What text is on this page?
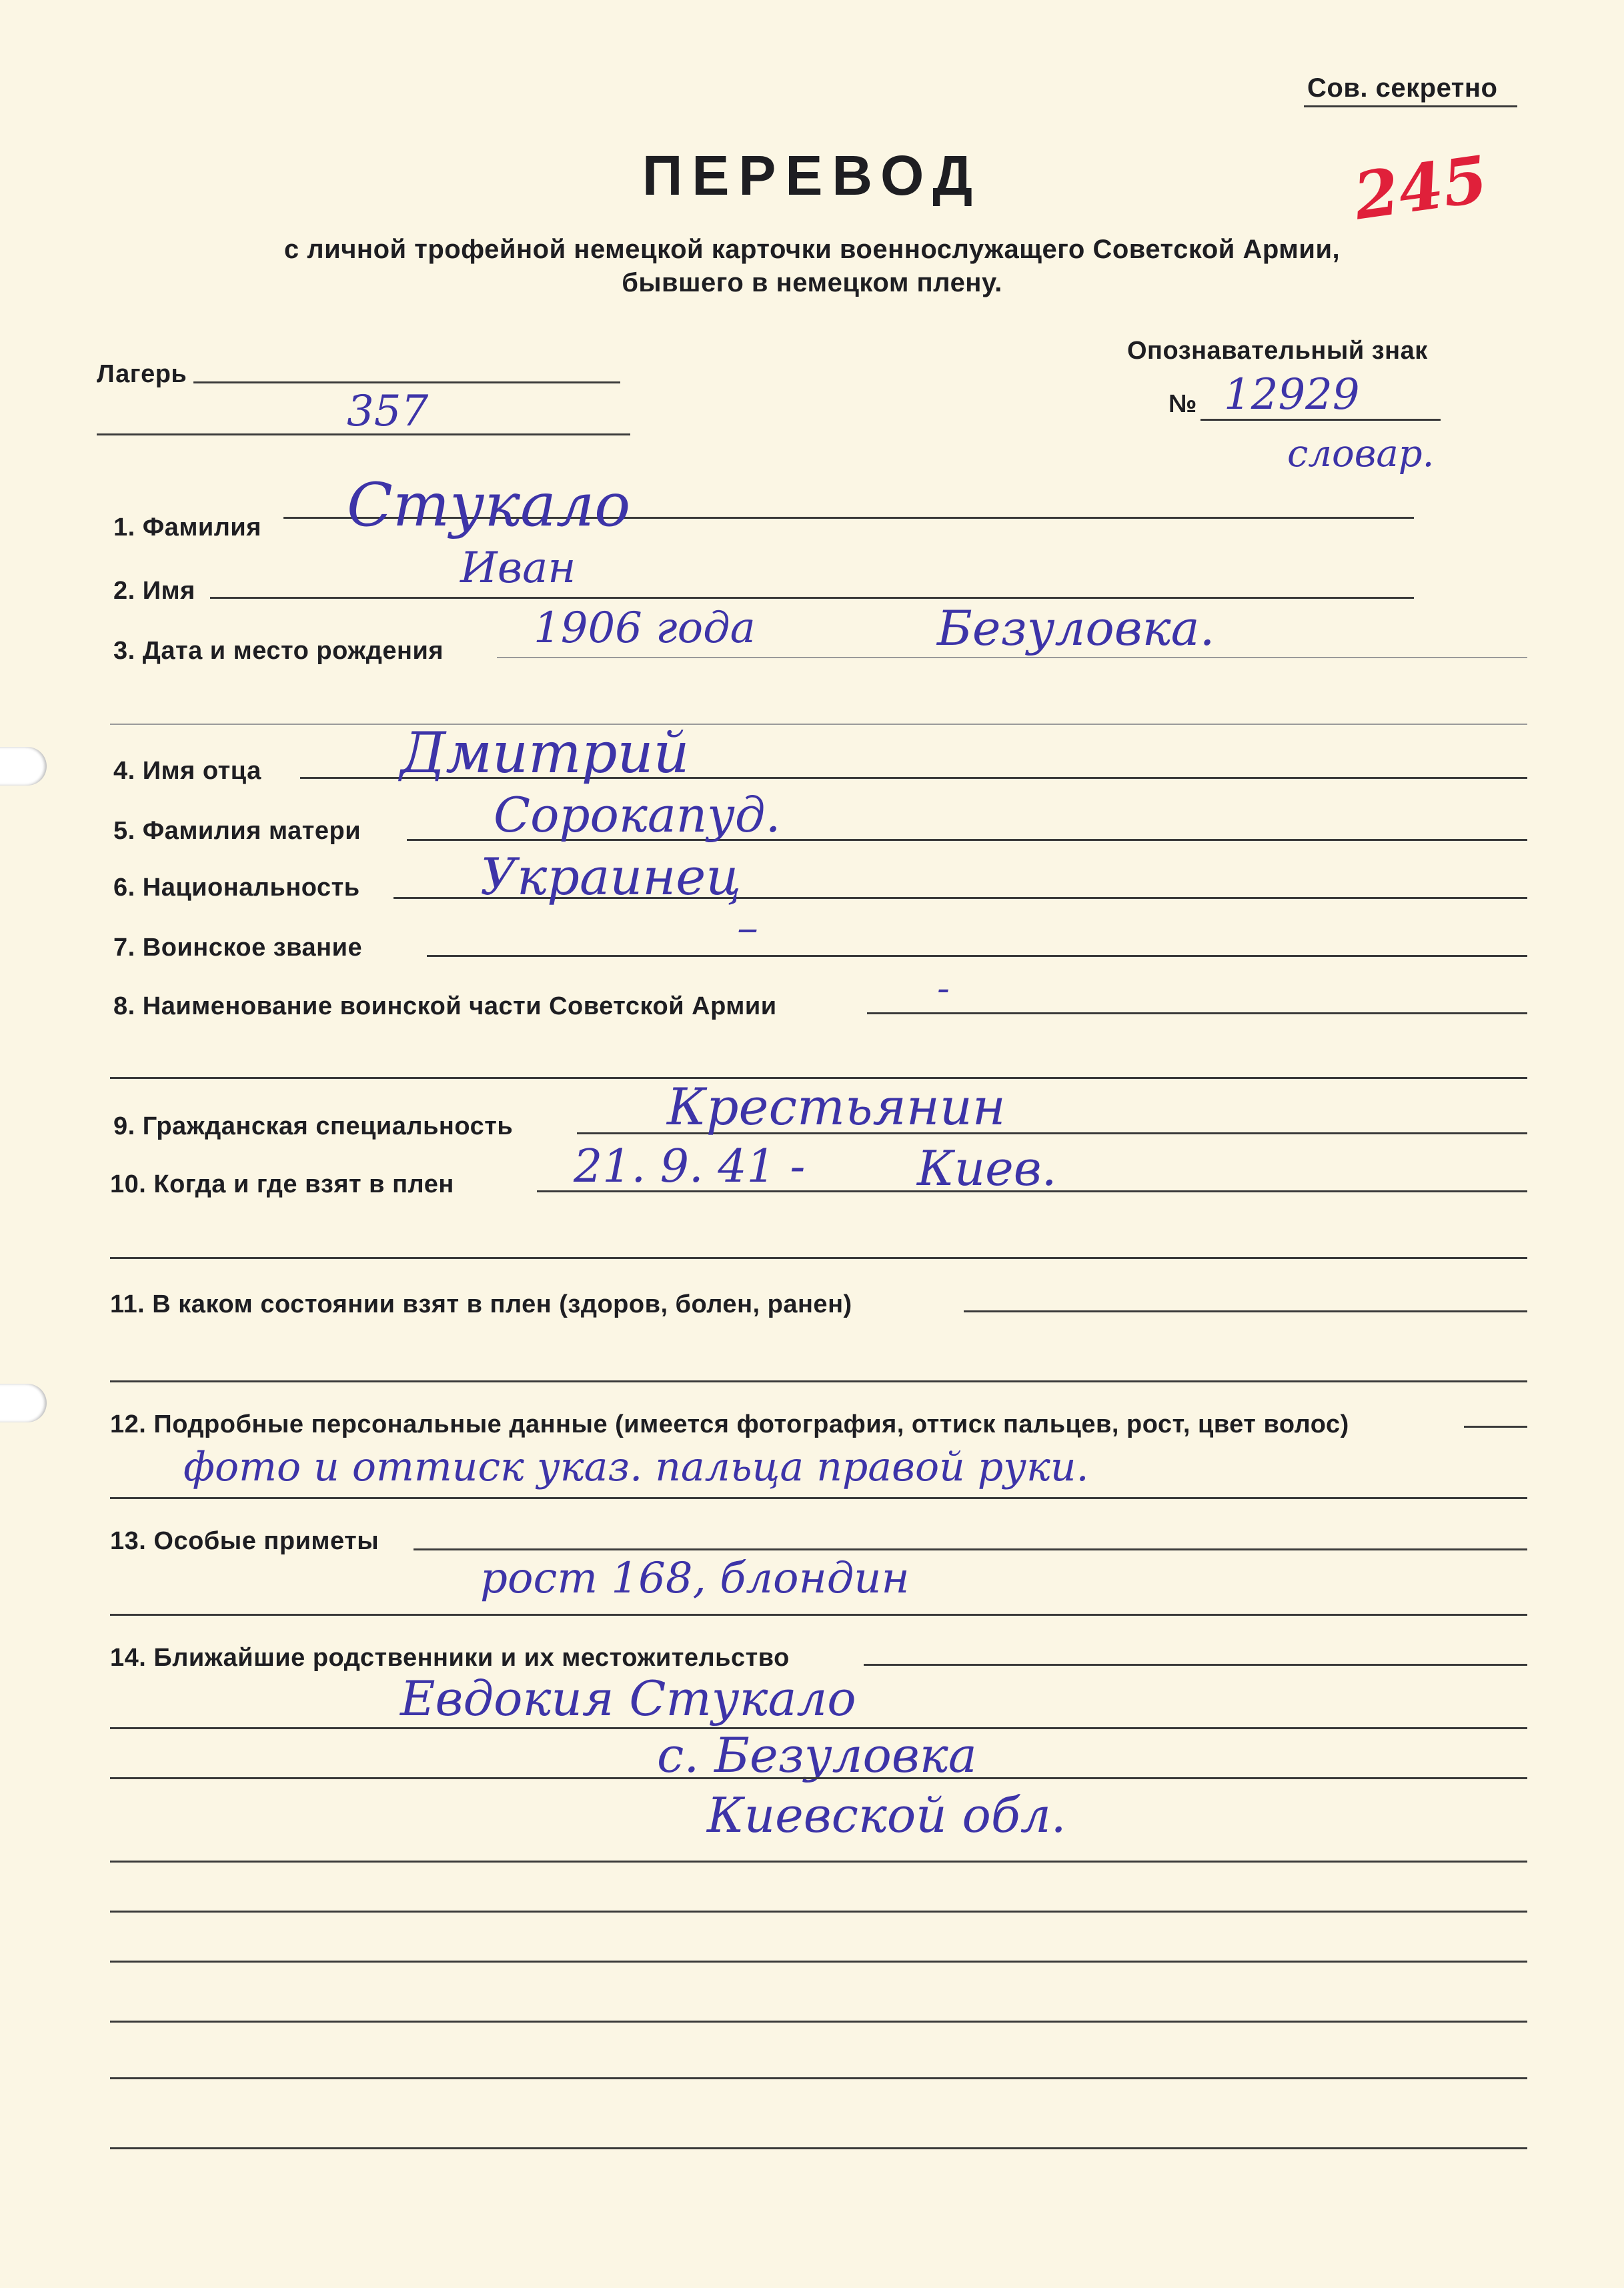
Сов. секретно
245
ПЕРЕВОД
с личной трофейной немецкой карточки военнослужащего Советской Армии,
бывшего в немецком плену.
Лагерь
357
Опознавательный знак
№ 12929
словар.
1. Фамилия Стукало
2. Имя	Иван
3. Дата и место рождения 1906 года	Безуловка.
4. Имя отца Дмитрий
5. Фамилия матери	Сорокапуд.
6. Национальность Украинец
7. Воинское звание	–
8. Наименование воинской части Советской Армии	-
9. Гражданская специальность	Крестьянин
10. Когда и где взят в плен	21. 9. 41 - Киев.
11. В каком состоянии взят в плен (здоров, болен, ранен)
12. Подробные персональные данные (имеется фотография, оттиск пальцев, рост, цвет волос)
фото и оттиск указ. пальца правой руки.
13. Особые приметы
рост 168, блондин
14. Ближайшие родственники и их местожительство
Евдокия Стукало
с. Безуловка
Киевской обл.
